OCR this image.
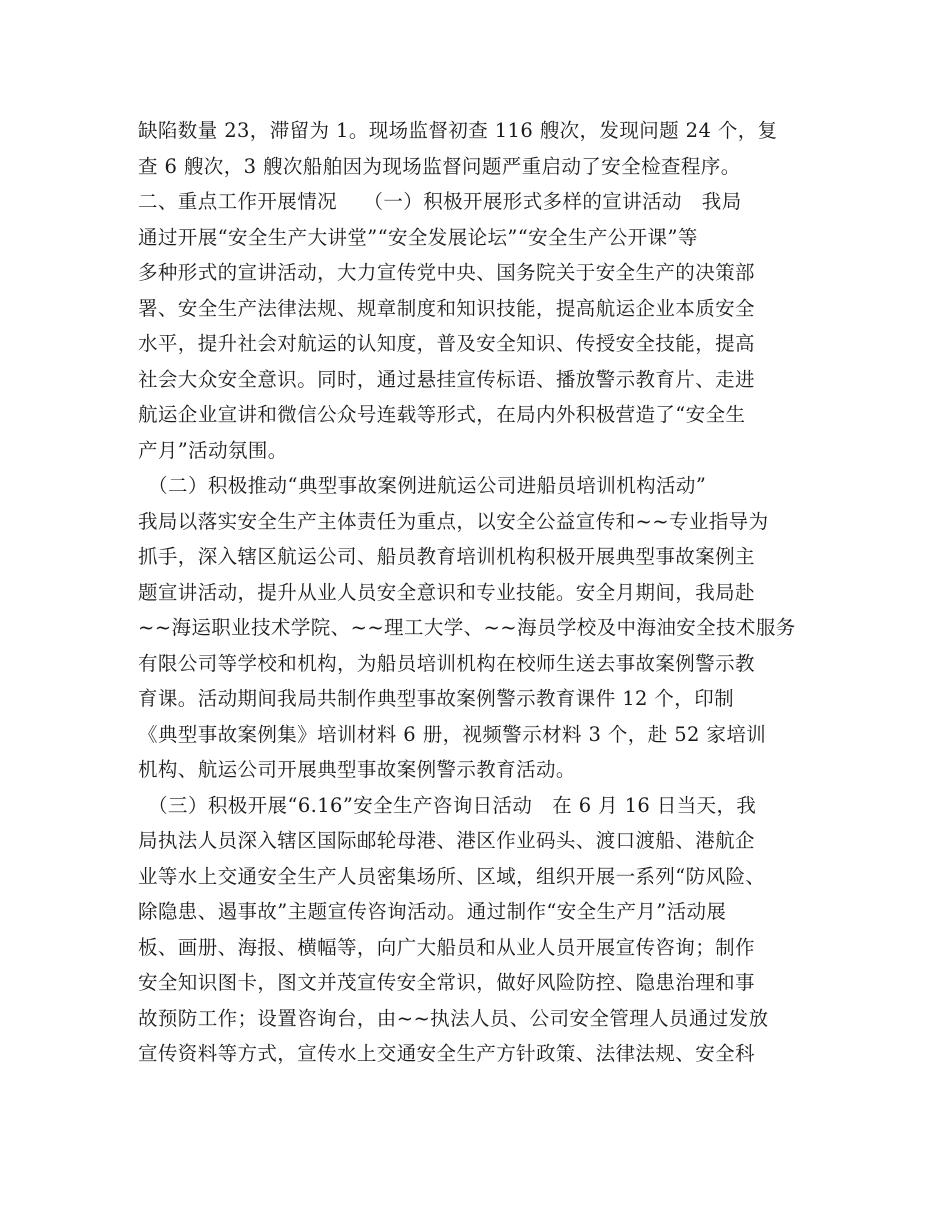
缺陷数量 23，滞留为 1。现场监督初查 116 艘次，发现问题 24 个，复
查 6 艘次，3 艘次船舶因为现场监督问题严重启动了安全检查程序。
二、重点工作开展情况　 （一）积极开展形式多样的宣讲活动　我局
通过开展“安全生产大讲堂”“安全发展论坛”“安全生产公开课”等
多种形式的宣讲活动，大力宣传党中央、国务院关于安全生产的决策部
署、安全生产法律法规、规章制度和知识技能，提高航运企业本质安全
水平，提升社会对航运的认知度，普及安全知识、传授安全技能，提高
社会大众安全意识。同时，通过悬挂宣传标语、播放警示教育片、走进
航运企业宣讲和微信公众号连载等形式，在局内外积极营造了“安全生
产月”活动氛围。
　（二）积极推动“典型事故案例进航运公司进船员培训机构活动”
我局以落实安全生产主体责任为重点，以安全公益宣传和~~专业指导为
抓手，深入辖区航运公司、船员教育培训机构积极开展典型事故案例主
题宣讲活动，提升从业人员安全意识和专业技能。安全月期间，我局赴
~~海运职业技术学院、~~理工大学、~~海员学校及中海油安全技术服务
有限公司等学校和机构，为船员培训机构在校师生送去事故案例警示教
育课。活动期间我局共制作典型事故案例警示教育课件 12 个，印制
《典型事故案例集》培训材料 6 册，视频警示材料 3 个，赴 52 家培训
机构、航运公司开展典型事故案例警示教育活动。
　（三）积极开展“6.16”安全生产咨询日活动　在 6 月 16 日当天，我
局执法人员深入辖区国际邮轮母港、港区作业码头、渡口渡船、港航企
业等水上交通安全生产人员密集场所、区域，组织开展一系列“防风险、
除隐患、遏事故”主题宣传咨询活动。通过制作“安全生产月”活动展
板、画册、海报、横幅等，向广大船员和从业人员开展宣传咨询；制作
安全知识图卡，图文并茂宣传安全常识，做好风险防控、隐患治理和事
故预防工作；设置咨询台，由~~执法人员、公司安全管理人员通过发放
宣传资料等方式，宣传水上交通安全生产方针政策、法律法规、安全科
